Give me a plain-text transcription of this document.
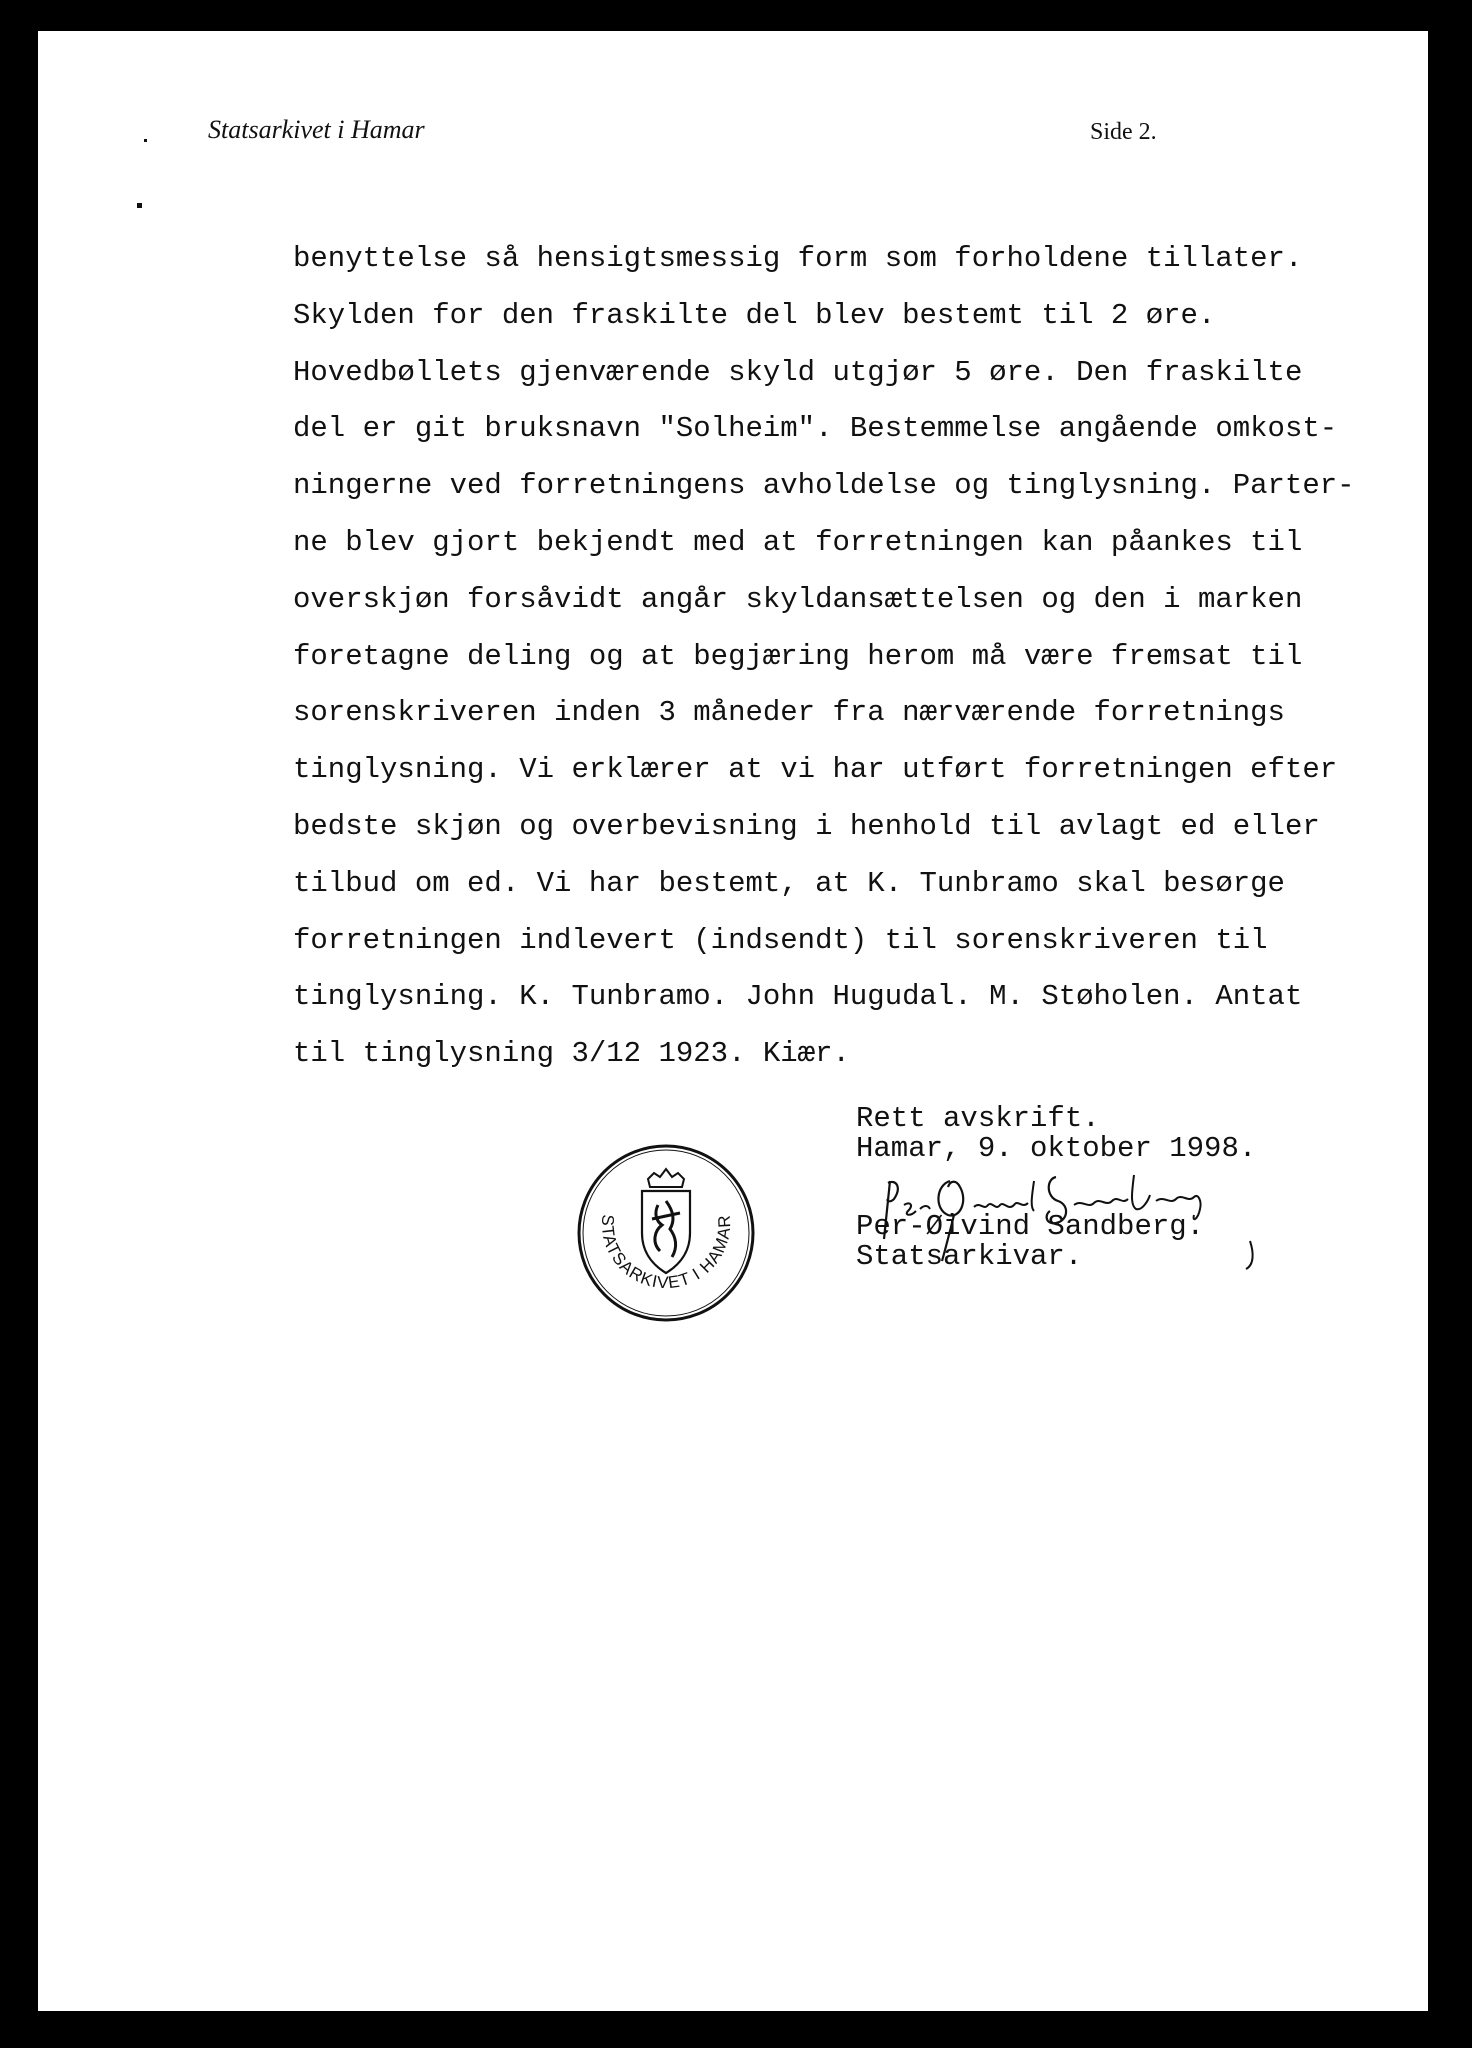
Statsarkivet i Hamar	Side 2.
benyttelse så hensigtsmessig form som forholdene tillater.
Skylden for den fraskilte del blev bestemt til 2 øre.
Hovedbøllets gjenværende skyld utgjør 5 øre. Den fraskilte
del er git bruksnavn "Solheim". Bestemmelse angående omkost-
ningerne ved forretningens avholdelse og tinglysning. Parter-
ne blev gjort bekjendt med at forretningen kan påankes til
overskjøn forsåvidt angår skyldansættelsen og den i marken
foretagne deling og at begjæring herom må være fremsat til
sorenskriveren inden 3 måneder fra nærværende forretnings
tinglysning. Vi erklærer at vi har utført forretningen efter
bedste skjøn og overbevisning i henhold til avlagt ed eller
tilbud om ed. Vi har bestemt, at K. Tunbramo skal besørge
forretningen indlevert (indsendt) til sorenskriveren til
tinglysning. K. Tunbramo. John Hugudal. M. Støholen. Antat
til tinglysning 3/12 1923. Kiær.
Rett avskrift.
Hamar, 9. oktober 1998.
Per-Øivind Sandberg.
Statsarkivar.
STATSARKIVET I HAMAR
